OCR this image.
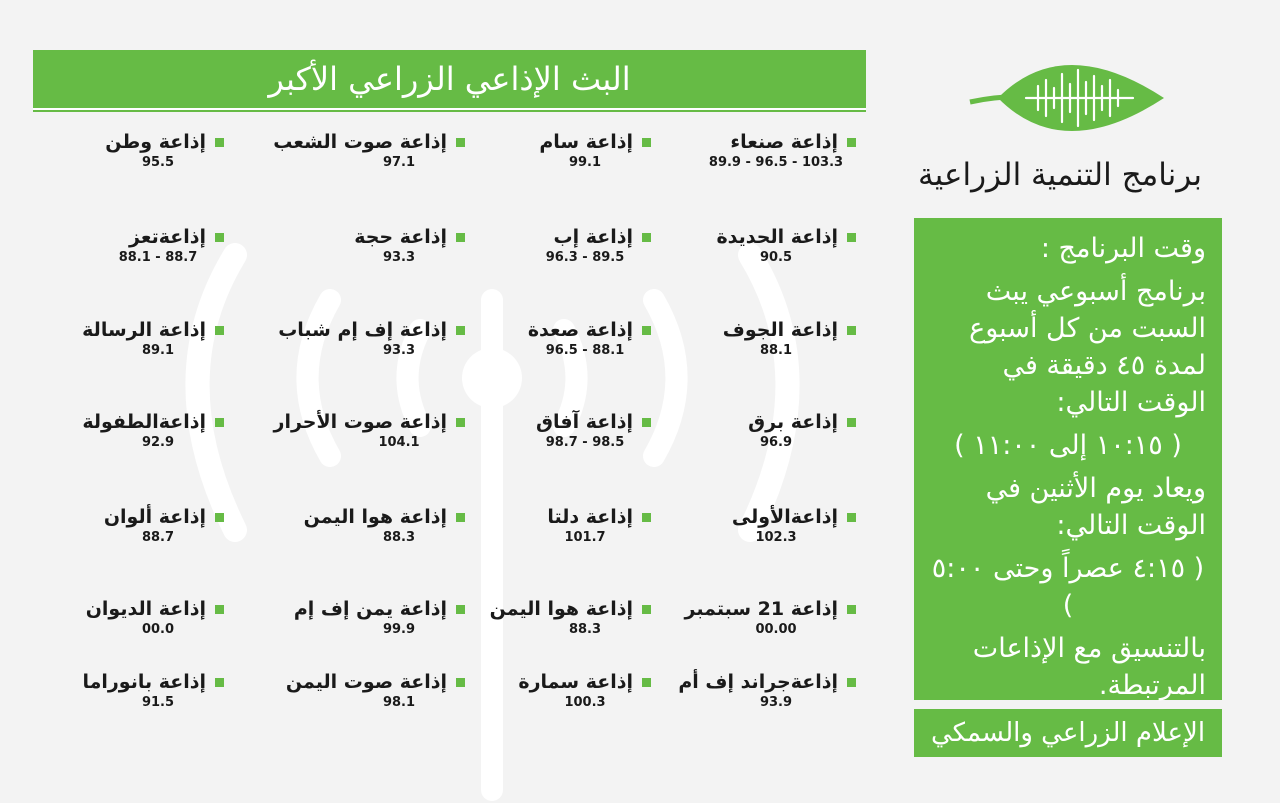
البث الإذاعي الزراعي الأكبر
إذاعة صنعاء
89.9 - 96.5 - 103.3
إذاعة الحديدة
90.5
إذاعة الجوف
88.1
إذاعة برق
96.9
إذاعةالأولى
102.3
إذاعة 21 سبتمبر
00.00
إذاعةجراند إف أم
93.9
إذاعة سام
99.1
إذاعة إب
96.3 - 89.5
إذاعة صعدة
96.5 - 88.1
إذاعة آفاق
98.7 - 98.5
إذاعة دلتا
101.7
إذاعة هوا اليمن
88.3
إذاعة سمارة
100.3
إذاعة صوت الشعب
97.1
إذاعة حجة
93.3
إذاعة إف إم شباب
93.3
إذاعة صوت الأحرار
104.1
إذاعة هوا اليمن
88.3
إذاعة يمن إف إم
99.9
إذاعة صوت اليمن
98.1
إذاعة وطن
95.5
إذاعةتعز
88.1 - 88.7
إذاعة الرسالة
89.1
إذاعةالطفولة
92.9
إذاعة ألوان
88.7
إذاعة الديوان
00.0
إذاعة بانوراما
91.5
برنامج التنمية الزراعية

وقت البرنامج :

برنامج أسبوعي يبث السبت من كل أسبوع لمدة ٤٥ دقيقة في الوقت التالي:

( ١٠:١٥ إلى ١١:٠٠ )

ويعاد يوم الأثنين في الوقت التالي:

( ٤:١٥ عصراً وحتى ٥:٠٠ )

بالتنسيق مع الإذاعات المرتبطة.

الإعلام الزراعي والسمكي
